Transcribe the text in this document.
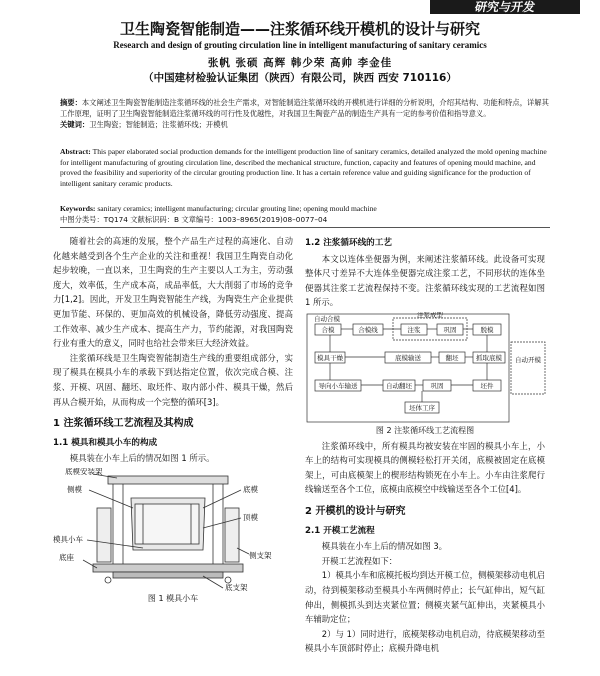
研究与开发
卫生陶瓷智能制造——注浆循环线开模机的设计与研究
Research and design of grouting circulation line in intelligent manufacturing of sanitary ceramics
张帆 张硕 高辉 韩少荣 高帅 李金佳
（中国建材检验认证集团（陕西）有限公司，陕西 西安 710116）
摘要：本文阐述卫生陶瓷智能制造注浆循环线的社会生产需求，对智能制造注浆循环线的开模机进行详细的分析说明，介绍其结构、功能和特点，详解其工作原理，证明了卫生陶瓷智能制造注浆循环线的可行性及优越性，对我国卫生陶瓷产品的制造生产具有一定的参考价值和指导意义。
关键词：卫生陶瓷；智能制造；注浆循环线；开模机
Abstract: This paper elaborated social production demands for the intelligent production line of sanitary ceramics, detailed analyzed the mold opening machine for intelligent manufacturing of grouting circulation line, described the mechanical structure, function, capacity and features of opening mould machine, and proved the feasibility and superiority of the circular grouting production line. It has a certain reference value and guiding significance for the production of intelligent sanitary ceramic products.
Keywords: sanitary ceramics; intelligent manufacturing; circular grouting line; opening mould machine
中图分类号：TQ174 文献标识码：B 文章编号：1003–8965(2019)08–0077–04

随着社会的高速的发展，整个产品生产过程的高速化、自动化越来越受到各个生产企业的关注和重视！我国卫生陶瓷自动化起步较晚，一直以来，卫生陶瓷的生产主要以人工为主，劳动强度大，效率低，生产成本高，成品率低，大大削弱了市场的竞争力[1,2]。因此，开发卫生陶瓷智能生产线，为陶瓷生产企业提供更加节能、环保的、更加高效的机械设备，降低劳动强度、提高工作效率、减少生产成本、提高生产力，节约能源，对我国陶瓷行业有重大的意义，同时也给社会带来巨大经济效益。

注浆循环线是卫生陶瓷智能制造生产线的重要组成部分，实现了模具在模具小车的承载下到达指定位置，依次完成合模、注浆、开模、巩固、翻坯、取坯件、取内部小件、模具干燥，然后再从合模开始，从而构成一个完整的循环[3]。

1 注浆循环线工艺流程及其构成
1.1 模具和模具小车的构成

模具装在小车上后的情况如图 1 所示。

底模安装架
侧模	底模
顶模
模具小车
侧支架
底座
底支架

图 1 模具小车

1.2 注浆循环线的工艺

本文以连体坐便器为例，来阐述注浆循环线。此设备可实现整体尺寸差异不大连体坐便器完成注浆工艺，不同形状的连体坐便器其注浆工艺流程保持不变。注浆循环线实现的工艺流程如图 1 所示。

自动合模
合模	合模线
注浆成型
注浆	巩固	脱模
抓取底模 自动开模
翻坯
底模输送
模具干燥
导向小车输送	自动翻坯	巩固	坯件
坯体工序

图 2 注浆循环线工艺流程图

注浆循环线中，所有模具均被安装在牢固的模具小车上，小车上的结构可实现模具的侧模轻松打开关闭，底模被固定在底模架上，可由底模架上的楔形结构锁死在小车上。小车由注浆爬行线输送至各个工位，底模由底模空中线输送至各个工位[4]。

2 开模机的设计与研究
2.1 开模工艺流程

模具装在小车上后的情况如图 3。

开模工艺流程如下：

1）模具小车和底模托板均到达开模工位，侧模架移动电机启动，待到模架移动至模具小车两侧时停止；长气缸伸出，短气缸伸出，侧模抓头到达夹紧位置；侧模夹紧气缸伸出，夹紧模具小车辅助定位；

2）与 1）同时进行，底模架移动电机启动，待底模架移动至模具小车顶部时停止；底模升降电机
